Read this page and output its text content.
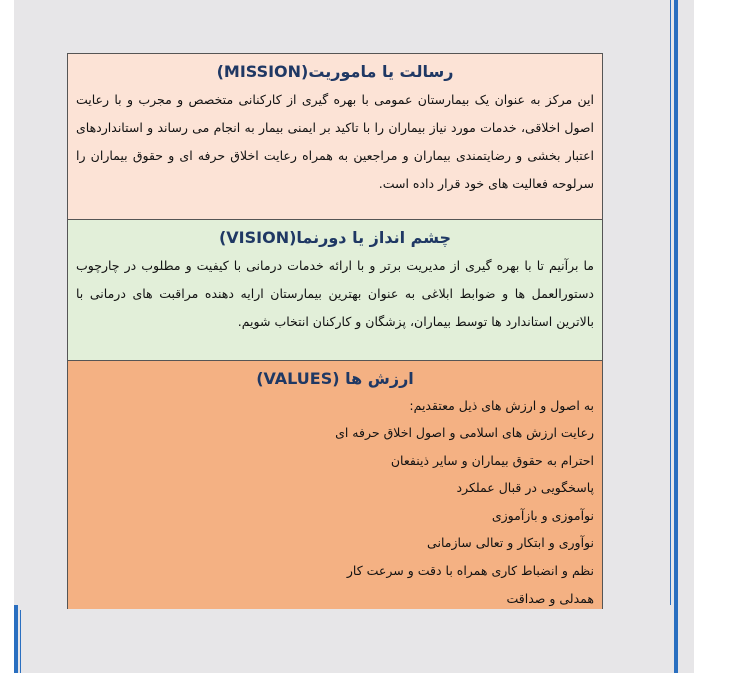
رسالت یا ماموریت(MISSION)

این مرکز به عنوان یک بیمارستان عمومی با بهره گیری از کارکنانی متخصص و مجرب و با رعایت اصول اخلاقی، خدمات مورد نیاز بیماران را با تاکید بر ایمنی بیمار به انجام می رساند و استانداردهای اعتبار بخشی و رضایتمندی بیماران و مراجعین به همراه رعایت اخلاق حرفه ای و حقوق بیماران را سرلوحه فعالیت های خود قرار داده است.

چشم انداز یا دورنما(VISION)

ما برآنیم تا با بهره گیری از مدیریت برتر و با ارائه خدمات درمانی با کیفیت و مطلوب در چارچوب دستورالعمل ها و ضوابط ابلاغی به عنوان بهترین بیمارستان ارایه دهنده مراقبت های درمانی با بالاترین استاندارد ها توسط بیماران، پزشگان و کارکنان انتخاب شویم.

ارزش ها (VALUES)

به اصول و ارزش های ذیل معتقدیم:

رعایت ارزش های اسلامی و اصول اخلاق حرفه ای
احترام به حقوق بیماران و سایر ذینفعان
پاسخگویی در قبال عملکرد
نوآموزی و بازآموزی
نوآوری و ابتکار و تعالی سازمانی
نظم و انضباط کاری همراه با دقت و سرعت کار
همدلی و صداقت
